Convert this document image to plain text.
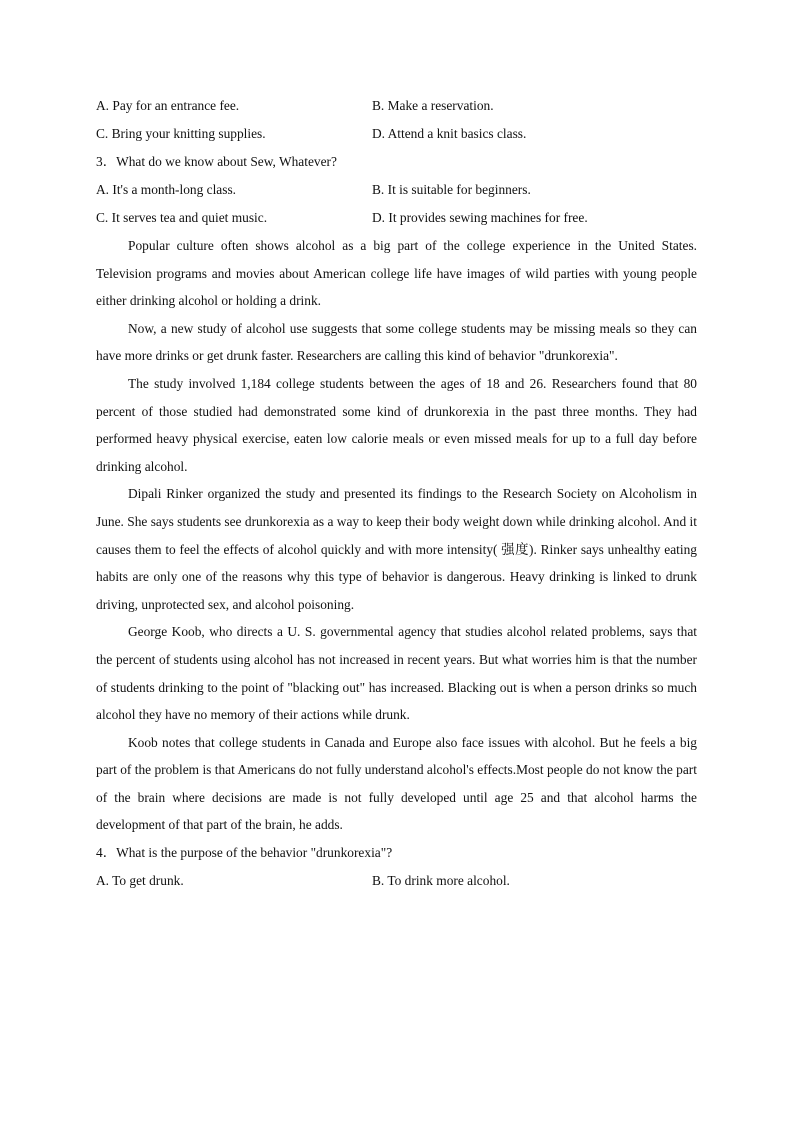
A. Pay for an entrance fee.	B. Make a reservation.
C. Bring your knitting supplies.	D. Attend a knit basics class.
3．What do we know about Sew, Whatever?
A. It's a month-long class.	B. It is suitable for beginners.
C. It serves tea and quiet music.	D. It provides sewing machines for free.

Popular culture often shows alcohol as a big part of the college experience in the United States. Television programs and movies about American college life have images of wild parties with young people either drinking alcohol or holding a drink.

Now, a new study of alcohol use suggests that some college students may be missing meals so they can have more drinks or get drunk faster. Researchers are calling this kind of behavior "drunkorexia".

The study involved 1,184 college students between the ages of 18 and 26. Researchers found that 80 percent of those studied had demonstrated some kind of drunkorexia in the past three months. They had performed heavy physical exercise, eaten low calorie meals or even missed meals for up to a full day before drinking alcohol.

Dipali Rinker organized the study and presented its findings to the Research Society on Alcoholism in June. She says students see drunkorexia as a way to keep their body weight down while drinking alcohol. And it causes them to feel the effects of alcohol quickly and with more intensity( 强度). Rinker says unhealthy eating habits are only one of the reasons why this type of behavior is dangerous. Heavy drinking is linked to drunk driving, unprotected sex, and alcohol poisoning.

George Koob, who directs a U. S. governmental agency that studies alcohol related problems, says that the percent of students using alcohol has not increased in recent years. But what worries him is that the number of students drinking to the point of "blacking out" has increased. Blacking out is when a person drinks so much alcohol they have no memory of their actions while drunk.

Koob notes that college students in Canada and Europe also face issues with alcohol. But he feels a big part of the problem is that Americans do not fully understand alcohol's effects.Most people do not know the part of the brain where decisions are made is not fully developed until age 25 and that alcohol harms the development of that part of the brain, he adds.

4．What is the purpose of the behavior "drunkorexia"?
A. To get drunk.	B. To drink more alcohol.
